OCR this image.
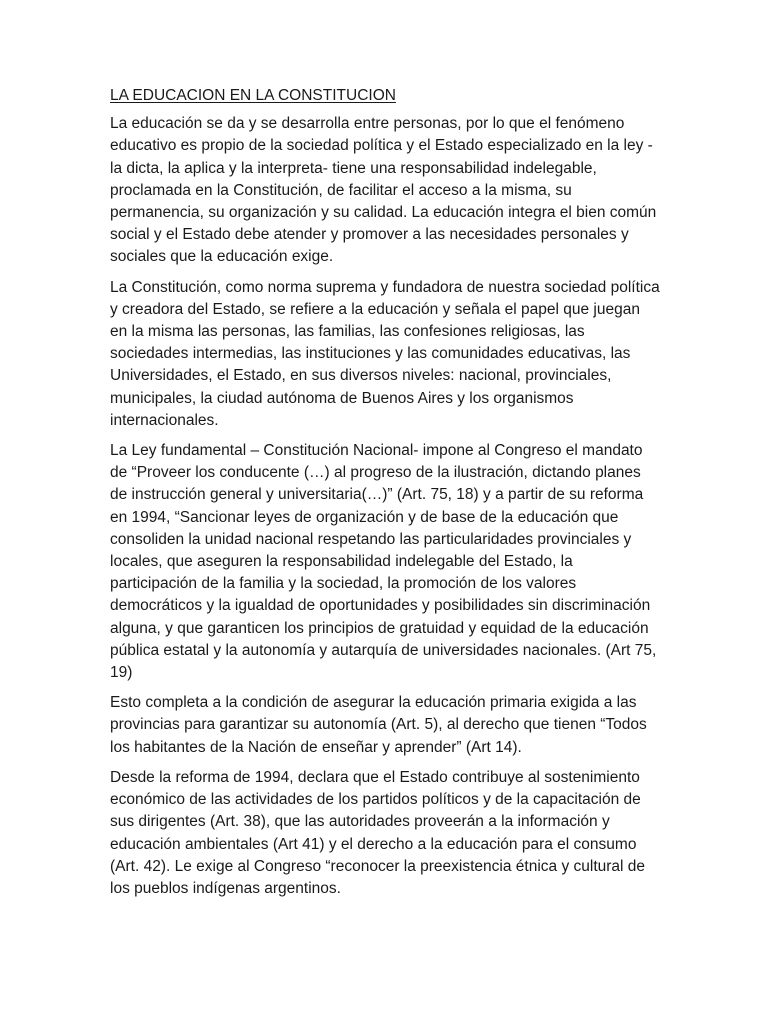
LA EDUCACION EN LA CONSTITUCION

La educación se da y se desarrolla entre personas, por lo que el fenómeno educativo es propio de la sociedad política y el Estado especializado en la ley -la dicta, la aplica y la interpreta- tiene una responsabilidad indelegable, proclamada en la Constitución, de facilitar el acceso a la misma, su permanencia, su organización y su calidad. La educación integra el bien común social y el Estado debe atender y promover a las necesidades personales y sociales que la educación exige.

La Constitución, como norma suprema y fundadora de nuestra sociedad política y creadora del Estado, se refiere a la educación y señala el papel que juegan en la misma las personas, las familias, las confesiones religiosas, las sociedades intermedias, las instituciones y las comunidades educativas, las Universidades, el Estado, en sus diversos niveles: nacional, provinciales, municipales, la ciudad autónoma de Buenos Aires y los organismos internacionales.

La Ley fundamental – Constitución Nacional- impone al Congreso el mandato de “Proveer los conducente (…) al progreso de la ilustración, dictando planes de instrucción general y universitaria(…)” (Art. 75, 18) y a partir de su reforma en 1994, “Sancionar leyes de organización y de base de la educación que consoliden la unidad nacional respetando las particularidades provinciales y locales, que aseguren la responsabilidad indelegable del Estado, la participación de la familia y la sociedad, la promoción de los valores democráticos y la igualdad de oportunidades y posibilidades sin discriminación alguna, y que garanticen los principios de gratuidad y equidad de la educación pública estatal y la autonomía y autarquía de universidades nacionales. (Art 75, 19)

Esto completa a la condición de asegurar la educación primaria exigida a las provincias para garantizar su autonomía (Art. 5), al derecho que tienen “Todos los habitantes de la Nación de enseñar y aprender” (Art 14).

Desde la reforma de 1994, declara que el Estado contribuye al sostenimiento económico de las actividades de los partidos políticos y de la capacitación de sus dirigentes (Art. 38), que las autoridades proveerán a la información y educación ambientales (Art 41) y el derecho a la educación para el consumo (Art. 42). Le exige al Congreso “reconocer la preexistencia étnica y cultural de los pueblos indígenas argentinos.
